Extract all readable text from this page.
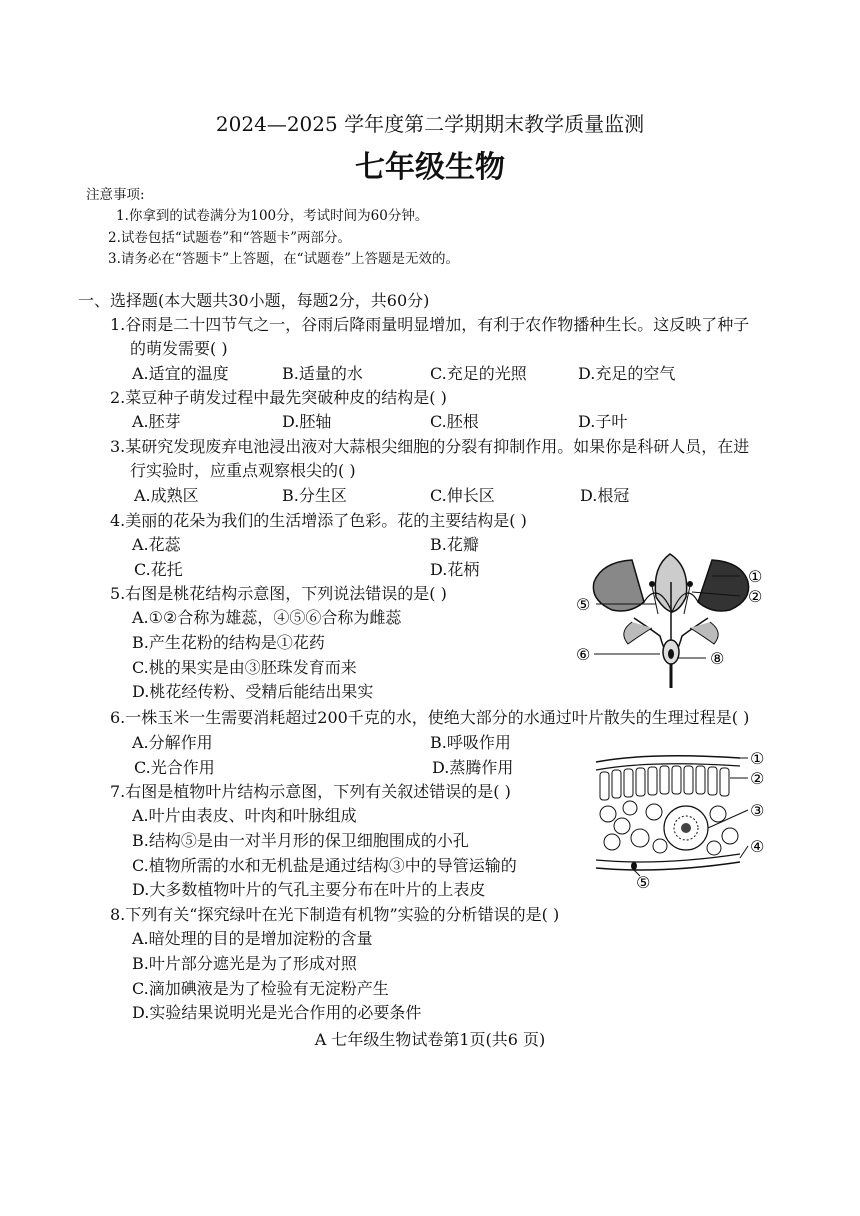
2024—2025 学年度第二学期期末教学质量监测
七年级生物
注意事项:
1.你拿到的试卷满分为100分，考试时间为60分钟。
2.试卷包括“试题卷”和“答题卡”两部分。
3.请务必在“答题卡”上答题，在“试题卷”上答题是无效的。
一、选择题(本大题共30小题，每题2分，共60分)
1.谷雨是二十四节气之一，谷雨后降雨量明显增加，有利于农作物播种生长。这反映了种子
的萌发需要( )
A.适宜的温度	B.适量的水	C.充足的光照	D.充足的空气
2.菜豆种子萌发过程中最先突破种皮的结构是( )
A.胚芽	D.胚轴	C.胚根	D.子叶
3.某研究发现废弃电池浸出液对大蒜根尖细胞的分裂有抑制作用。如果你是科研人员，在进
行实验时，应重点观察根尖的( )
A.成熟区	B.分生区	C.伸长区	D.根冠
4.美丽的花朵为我们的生活增添了色彩。花的主要结构是( )
A.花蕊	B.花瓣
C.花托	D.花柄
5.右图是桃花结构示意图，下列说法错误的是( )
A.①②合称为雄蕊，④⑤⑥合称为雌蕊
B.产生花粉的结构是①花药
C.桃的果实是由③胚珠发育而来
D.桃花经传粉、受精后能结出果实
①
②
⑤
⑥	⑧
6.一株玉米一生需要消耗超过200千克的水，使绝大部分的水通过叶片散失的生理过程是( )
A.分解作用	B.呼吸作用
C.光合作用	D.蒸腾作用	①
②
③
④
⑤
7.右图是植物叶片结构示意图，下列有关叙述错误的是( )
A.叶片由表皮、叶肉和叶脉组成
B.结构⑤是由一对半月形的保卫细胞围成的小孔
C.植物所需的水和无机盐是通过结构③中的导管运输的
D.大多数植物叶片的气孔主要分布在叶片的上表皮
8.下列有关“探究绿叶在光下制造有机物”实验的分析错误的是( )
A.暗处理的目的是增加淀粉的含量
B.叶片部分遮光是为了形成对照
C.滴加碘液是为了检验有无淀粉产生
D.实验结果说明光是光合作用的必要条件
A 七年级生物试卷第1页(共6 页)
